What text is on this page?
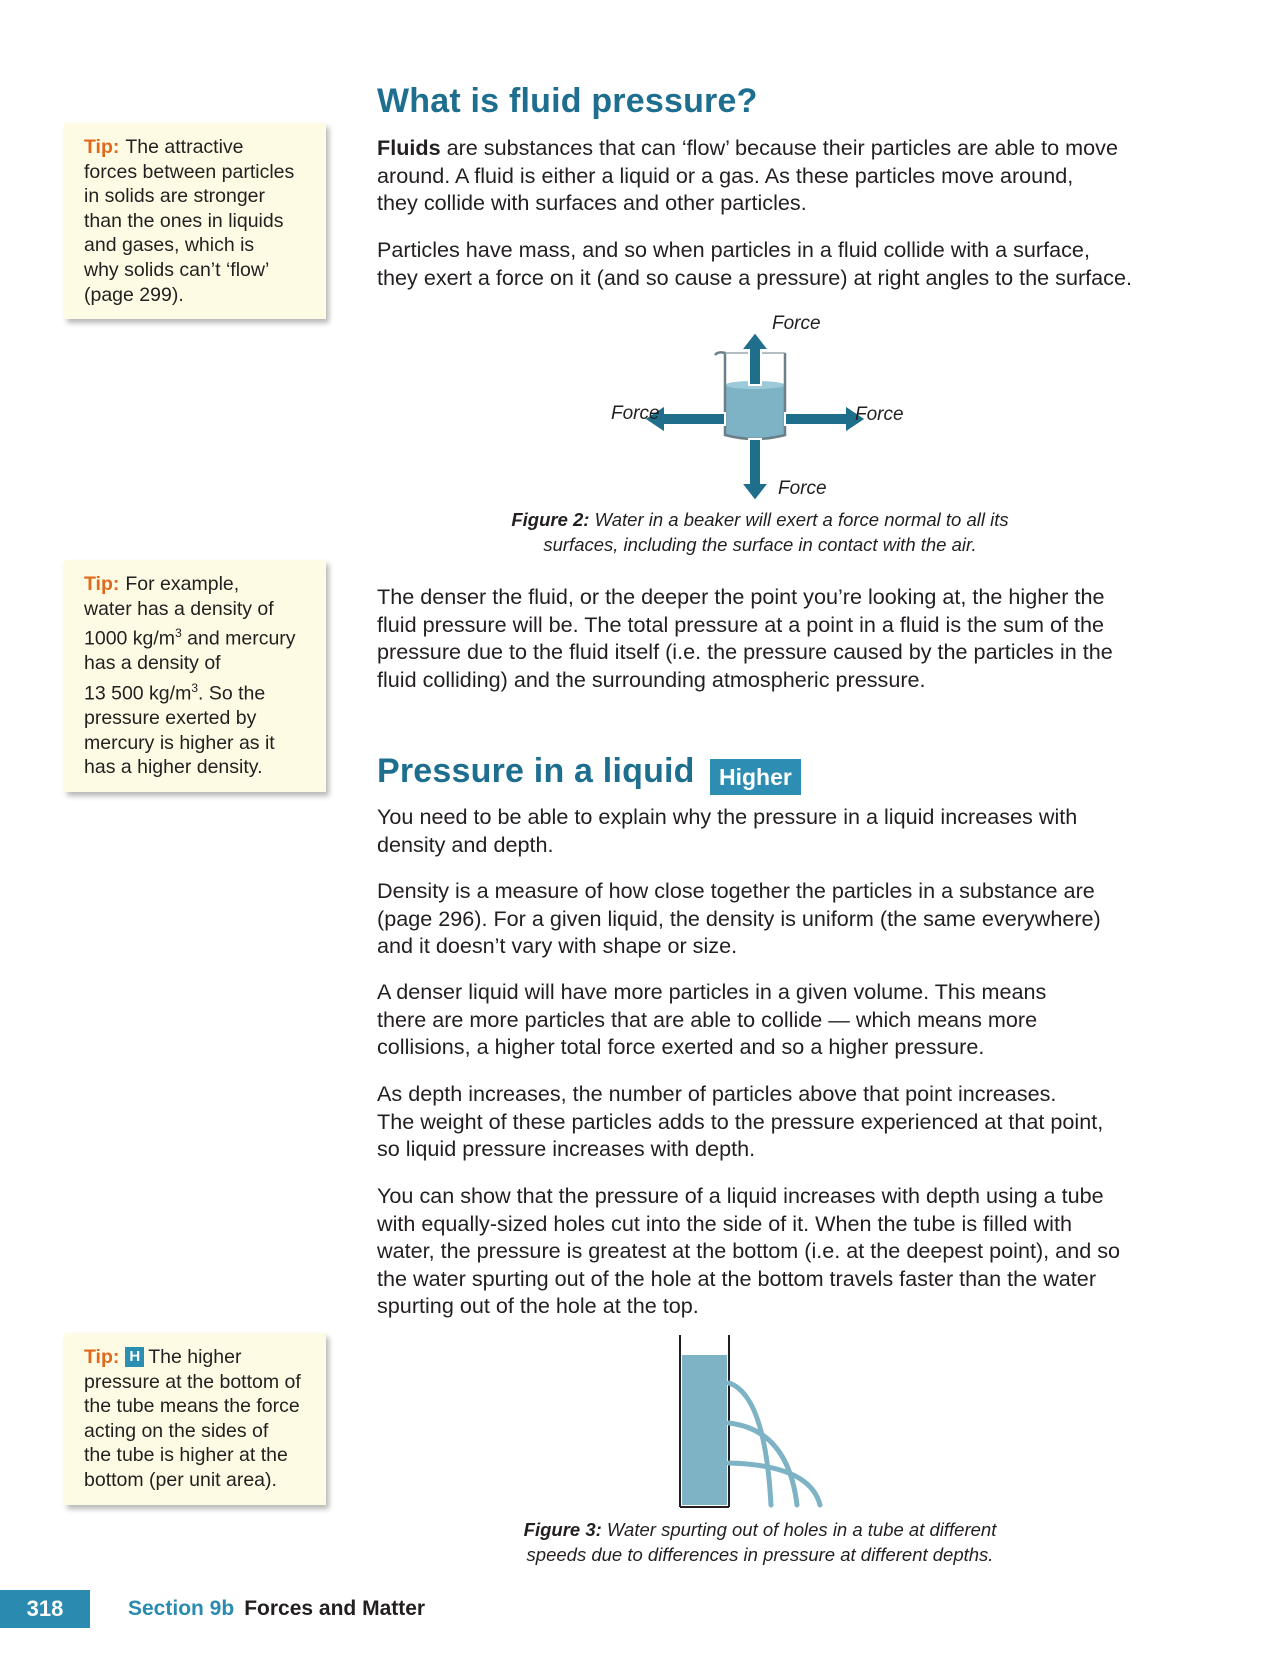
Tip: The attractive
forces between particles
in solids are stronger
than the ones in liquids
and gases, which is
why solids can’t ‘flow’
(page 299).
Tip: For example,
water has a density of
1000 $kg/m^3$ and mercury
has a density of
13 500 $kg/m^3$. So the
pressure exerted by
mercury is higher as it
has a higher density.
Tip: H The higher
pressure at the bottom of
the tube means the force
acting on the sides of
the tube is higher at the
bottom (per unit area).
What is fluid pressure?

Fluids are substances that can ‘flow’ because their particles are able to move
around. A fluid is either a liquid or a gas. As these particles move around,
they collide with surfaces and other particles.

Particles have mass, and so when particles in a fluid collide with a surface,
they exert a force on it (and so cause a pressure) at right angles to the surface.

Force
Force	Force
Force
Figure 2: Water in a beaker will exert a force normal to all its
surfaces, including the surface in contact with the air.

The denser the fluid, or the deeper the point you’re looking at, the higher the
fluid pressure will be. The total pressure at a point in a fluid is the sum of the
pressure due to the fluid itself (i.e. the pressure caused by the particles in the
fluid colliding) and the surrounding atmospheric pressure.

Pressure in a liquid	Higher

You need to be able to explain why the pressure in a liquid increases with
density and depth.

Density is a measure of how close together the particles in a substance are
(page 296). For a given liquid, the density is uniform (the same everywhere)
and it doesn’t vary with shape or size.

A denser liquid will have more particles in a given volume. This means
there are more particles that are able to collide — which means more
collisions, a higher total force exerted and so a higher pressure.

As depth increases, the number of particles above that point increases.
The weight of these particles adds to the pressure experienced at that point,
so liquid pressure increases with depth.

You can show that the pressure of a liquid increases with depth using a tube
with equally-sized holes cut into the side of it. When the tube is filled with
water, the pressure is greatest at the bottom (i.e. at the deepest point), and so
the water spurting out of the hole at the bottom travels faster than the water
spurting out of the hole at the top.

Figure 3: Water spurting out of holes in a tube at different
speeds due to differences in pressure at different depths.
318	Section 9b Forces and Matter
